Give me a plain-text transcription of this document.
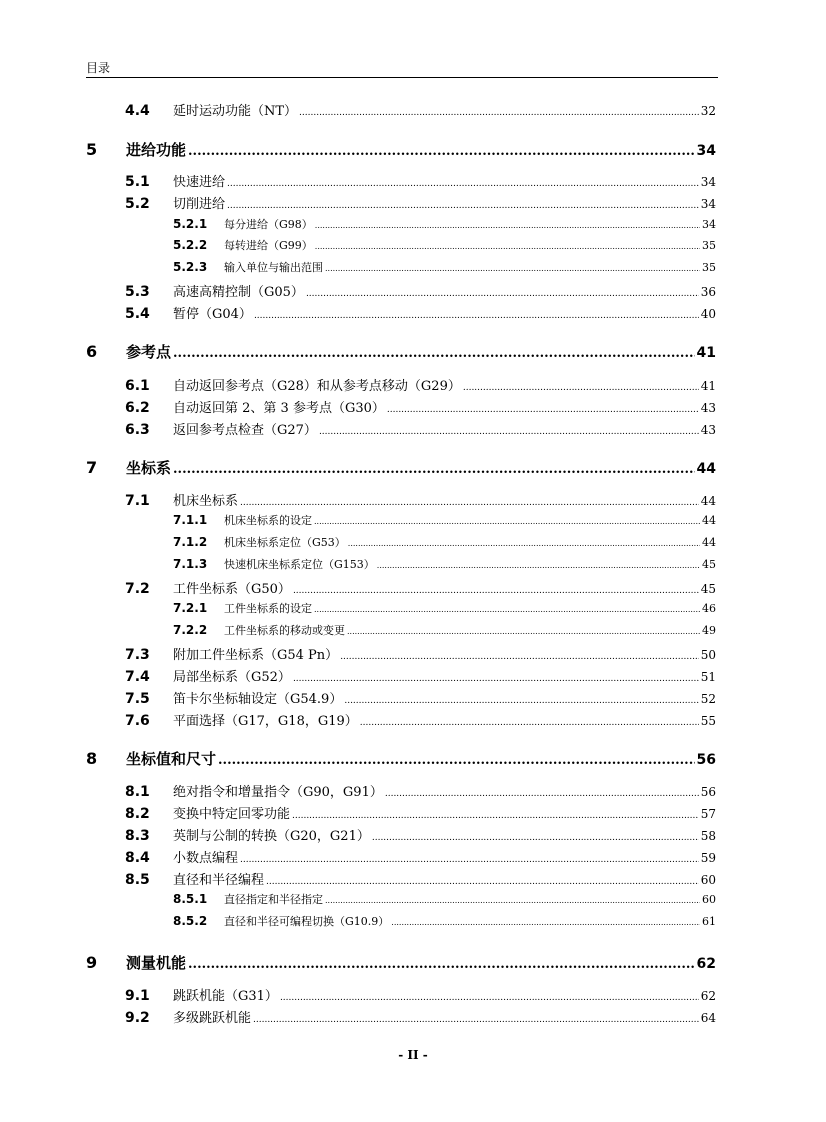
目录
4.4	延时运动功能（NT） .....	32
5	进给功能 .....	34
5.1	快速进给 .....	34
5.2	切削进给 .....	34
5.2.1	每分进给（G98） .....	34
5.2.2	每转进给（G99） .....	35
5.2.3	输入单位与输出范围 .....	35
5.3	高速高精控制（G05） .....	36
5.4	暂停（G04） .....	40
6	参考点 .....	41
6.1	自动返回参考点（G28）和从参考点移动（G29） .....	41
6.2	自动返回第 2、第 3 参考点（G30） .....	43
6.3	返回参考点检查（G27） .....	43
7	坐标系 .....	44
7.1	机床坐标系 .....	44
7.1.1	机床坐标系的设定 .....	44
7.1.2	机床坐标系定位（G53） .....	44
7.1.3	快速机床坐标系定位（G153） .....	45
7.2	工件坐标系（G50） .....	45
7.2.1	工件坐标系的设定 .....	46
7.2.2	工件坐标系的移动或变更 .....	49
7.3	附加工件坐标系（G54 Pn） .....	50
7.4	局部坐标系（G52） .....	51
7.5	笛卡尔坐标轴设定（G54.9） .....	52
7.6	平面选择（G17，G18，G19） .....	55
8	坐标值和尺寸 .....	56
8.1	绝对指令和增量指令（G90，G91） .....	56
8.2	变换中特定回零功能 .....	57
8.3	英制与公制的转换（G20，G21） .....	58
8.4	小数点编程 .....	59
8.5	直径和半径编程 .....	60
8.5.1	直径指定和半径指定 .....	60
8.5.2	直径和半径可编程切换（G10.9） .....	61
9	测量机能 .....	62
9.1	跳跃机能（G31） .....	62
9.2	多级跳跃机能 .....	64
- II -
